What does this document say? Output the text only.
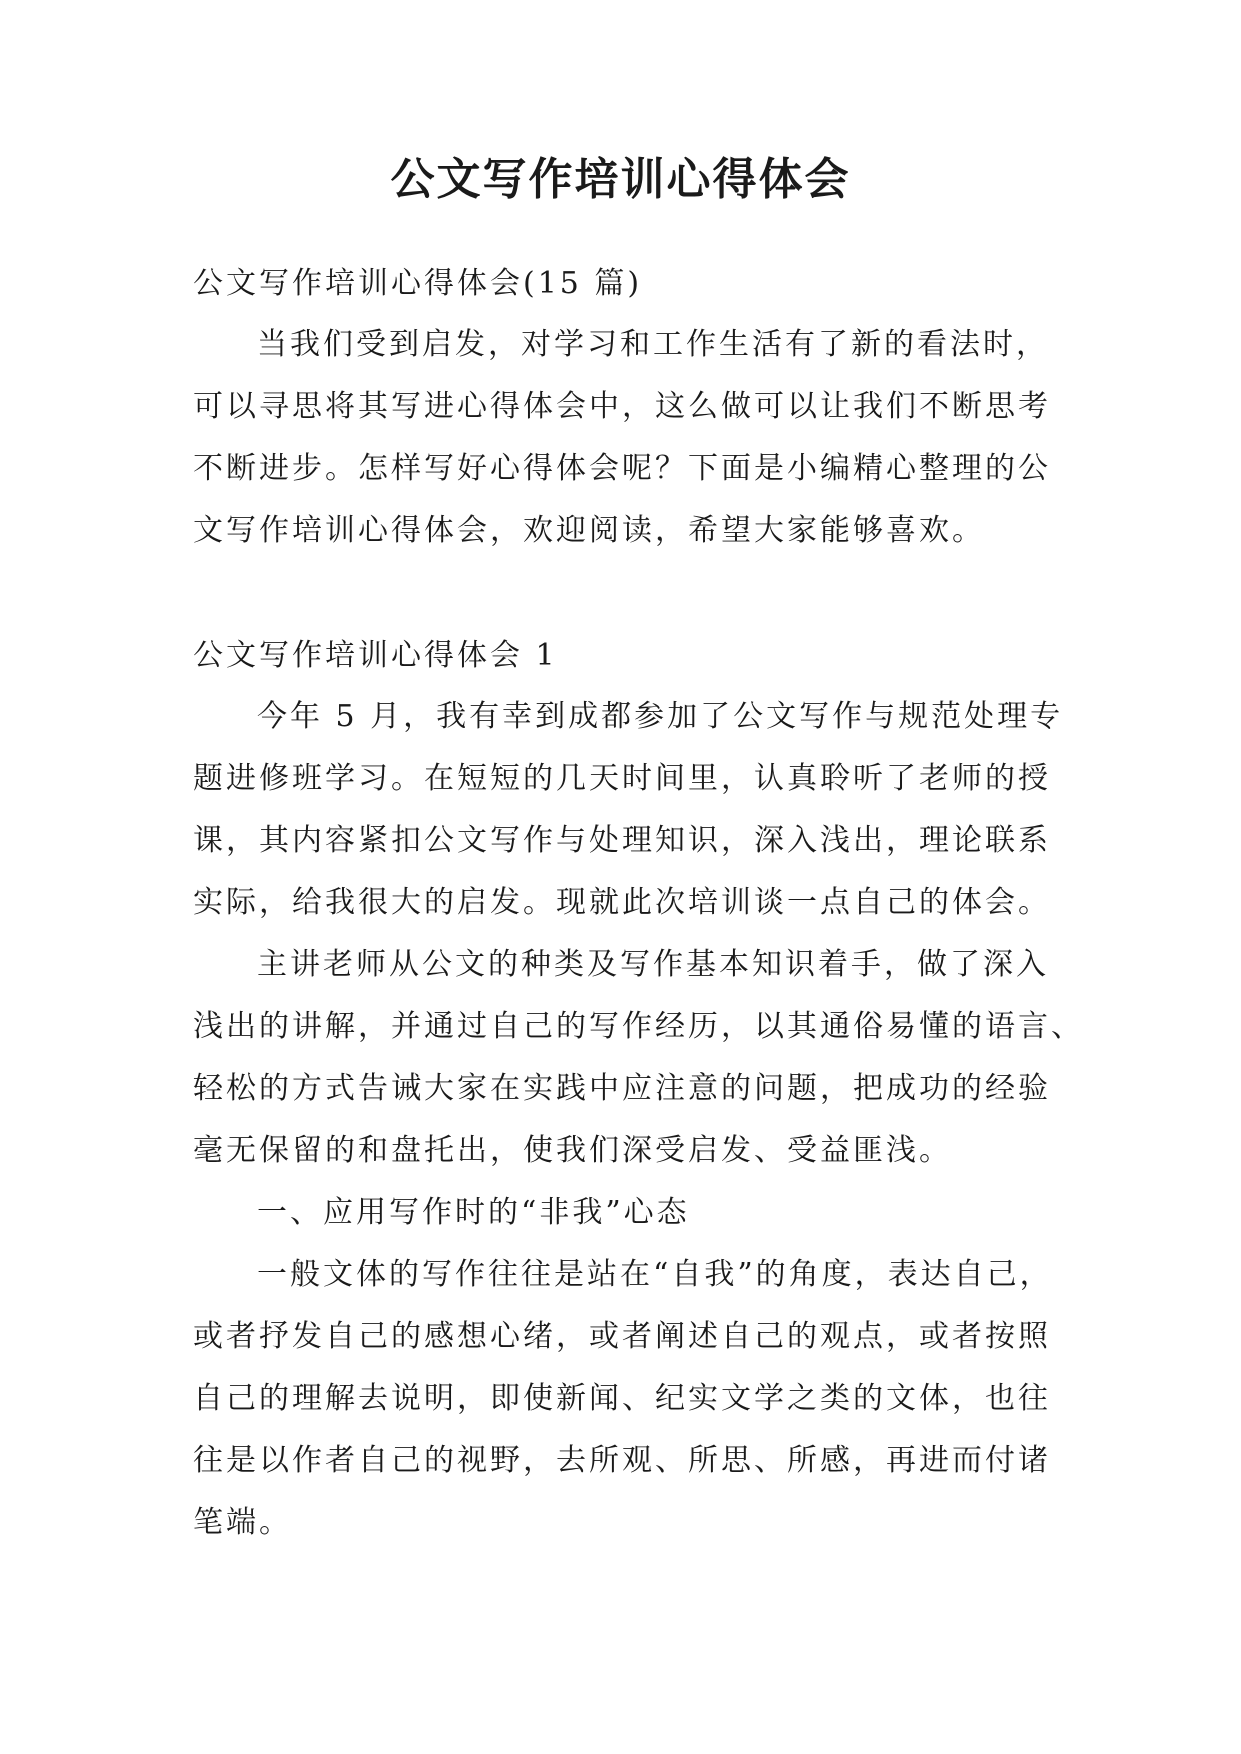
公文写作培训心得体会

公文写作培训心得体会(15 篇)

当我们受到启发，对学习和工作生活有了新的看法时，

可以寻思将其写进心得体会中，这么做可以让我们不断思考

不断进步。怎样写好心得体会呢？下面是小编精心整理的公

文写作培训心得体会，欢迎阅读，希望大家能够喜欢。

公文写作培训心得体会 1

今年 5 月，我有幸到成都参加了公文写作与规范处理专

题进修班学习。在短短的几天时间里，认真聆听了老师的授

课，其内容紧扣公文写作与处理知识，深入浅出，理论联系

实际，给我很大的启发。现就此次培训谈一点自己的体会。

主讲老师从公文的种类及写作基本知识着手，做了深入

浅出的讲解，并通过自己的写作经历，以其通俗易懂的语言、

轻松的方式告诫大家在实践中应注意的问题，把成功的经验

毫无保留的和盘托出，使我们深受启发、受益匪浅。

一、应用写作时的“非我”心态

一般文体的写作往往是站在“自我”的角度，表达自己，

或者抒发自己的感想心绪，或者阐述自己的观点，或者按照

自己的理解去说明，即使新闻、纪实文学之类的文体，也往

往是以作者自己的视野，去所观、所思、所感，再进而付诸

笔端。
